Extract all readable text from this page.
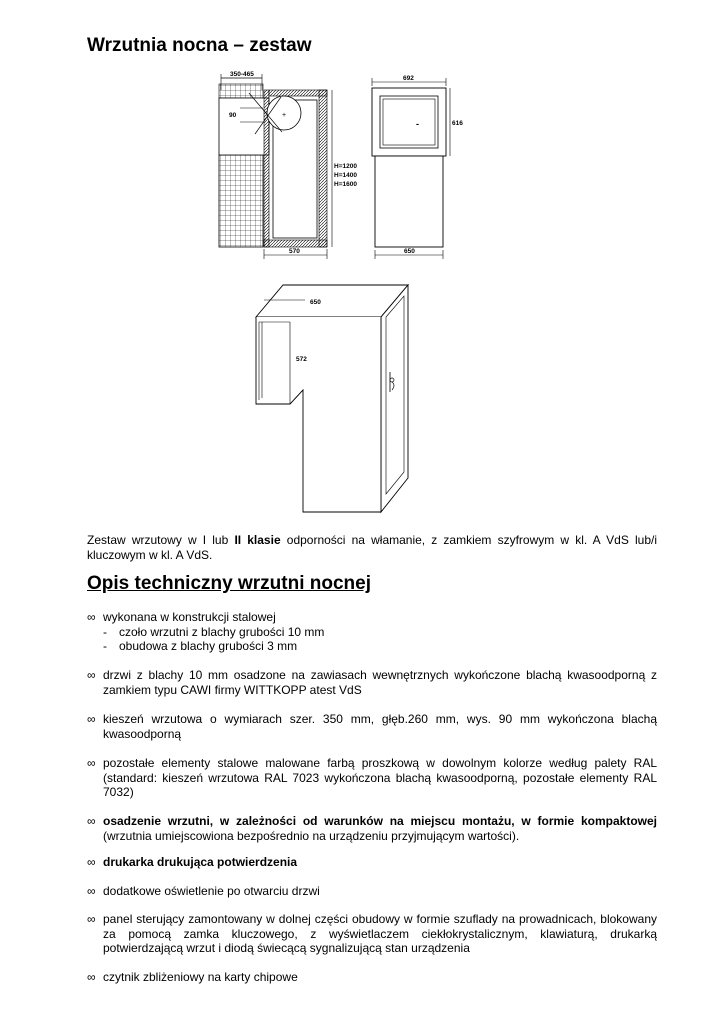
Wrzutnia nocna – zestaw
350-465
+
90
H=1200
H=1400
H=1600
570
692
-	616
650
650
572

Zestaw wrzutowy w I lub II klasie odporności na włamanie, z zamkiem szyfrowym w kl. A VdS lub/i kluczowym w kl. A VdS.

Opis techniczny wrzutni nocnej
∞ wykonana w konstrukcji stalowej
- czoło wrzutni z blachy grubości 10 mm
- obudowa z blachy grubości 3 mm
∞ drzwi z blachy 10 mm osadzone na zawiasach wewnętrznych wykończone blachą kwasoodporną z zamkiem typu CAWI firmy WITTKOPP atest VdS
∞ kieszeń wrzutowa o wymiarach szer. 350 mm, głęb.260 mm, wys. 90 mm wykończona blachą kwasoodporną
∞ pozostałe elementy stalowe malowane farbą proszkową w dowolnym kolorze według palety RAL (standard: kieszeń wrzutowa RAL 7023 wykończona blachą kwasoodporną, pozostałe elementy RAL 7032)
∞ osadzenie wrzutni, w zależności od warunków na miejscu montażu, w formie kompaktowej (wrzutnia umiejscowiona bezpośrednio na urządzeniu przyjmującym wartości).
∞ drukarka drukująca potwierdzenia
∞ dodatkowe oświetlenie po otwarciu drzwi
∞ panel sterujący zamontowany w dolnej części obudowy w formie szuflady na prowadnicach, blokowany za pomocą zamka kluczowego, z wyświetlaczem ciekłokrystalicznym, klawiaturą, drukarką potwierdzającą wrzut i diodą świecącą sygnalizującą stan urządzenia
∞ czytnik zbliżeniowy na karty chipowe
